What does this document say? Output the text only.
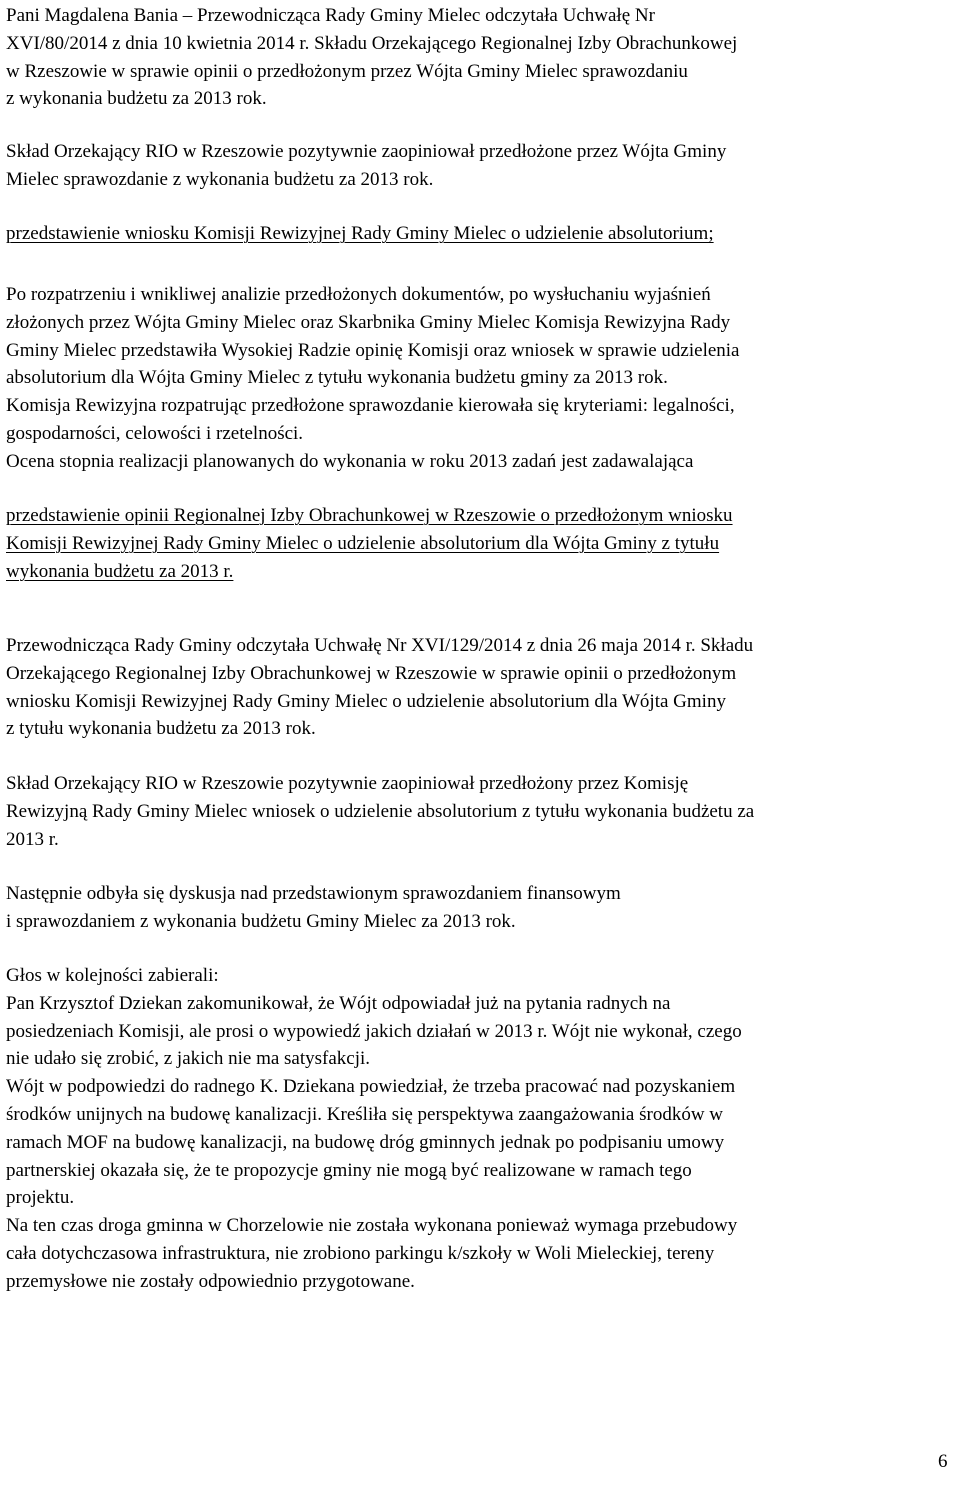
Pani Magdalena Bania – Przewodnicząca Rady Gminy Mielec odczytała Uchwałę Nr
XVI/80/2014 z dnia 10 kwietnia 2014 r. Składu Orzekającego Regionalnej Izby Obrachunkowej
w Rzeszowie w sprawie opinii o przedłożonym przez Wójta Gminy Mielec sprawozdaniu
z wykonania budżetu za 2013 rok.
Skład Orzekający RIO w Rzeszowie pozytywnie zaopiniował przedłożone przez Wójta Gminy
Mielec sprawozdanie z wykonania budżetu za 2013 rok.
przedstawienie wniosku Komisji Rewizyjnej Rady Gminy Mielec o udzielenie absolutorium;
Po rozpatrzeniu i wnikliwej analizie przedłożonych dokumentów, po wysłuchaniu wyjaśnień
złożonych przez Wójta Gminy Mielec oraz Skarbnika Gminy Mielec Komisja Rewizyjna Rady
Gminy Mielec przedstawiła Wysokiej Radzie opinię Komisji oraz wniosek w sprawie udzielenia
absolutorium dla Wójta Gminy Mielec z tytułu wykonania budżetu gminy za 2013 rok.
Komisja Rewizyjna rozpatrując przedłożone sprawozdanie kierowała się kryteriami: legalności,
gospodarności, celowości i rzetelności.
Ocena stopnia realizacji planowanych do wykonania w roku 2013 zadań jest zadawalająca
przedstawienie opinii Regionalnej Izby Obrachunkowej w Rzeszowie o przedłożonym wniosku
Komisji Rewizyjnej Rady Gminy Mielec o udzielenie absolutorium dla Wójta Gminy z tytułu
wykonania budżetu za 2013 r.
Przewodnicząca Rady Gminy odczytała Uchwałę Nr XVI/129/2014 z dnia 26 maja 2014 r. Składu
Orzekającego Regionalnej Izby Obrachunkowej w Rzeszowie w sprawie opinii o przedłożonym
wniosku Komisji Rewizyjnej Rady Gminy Mielec o udzielenie absolutorium dla Wójta Gminy
z tytułu wykonania budżetu za 2013 rok.
Skład Orzekający RIO w Rzeszowie pozytywnie zaopiniował przedłożony przez Komisję
Rewizyjną Rady Gminy Mielec wniosek o udzielenie absolutorium z tytułu wykonania budżetu za
2013 r.
Następnie odbyła się dyskusja nad przedstawionym sprawozdaniem finansowym
i sprawozdaniem z wykonania budżetu Gminy Mielec za 2013 rok.
Głos w kolejności zabierali:
Pan Krzysztof Dziekan zakomunikował, że Wójt odpowiadał już na pytania radnych na
posiedzeniach Komisji, ale prosi o wypowiedź jakich działań w 2013 r. Wójt nie wykonał, czego
nie udało się zrobić, z jakich nie ma satysfakcji.
Wójt w podpowiedzi do radnego K. Dziekana powiedział, że trzeba pracować nad pozyskaniem
środków unijnych na budowę kanalizacji. Kreśliła się perspektywa zaangażowania środków w
ramach MOF na budowę kanalizacji, na budowę dróg gminnych jednak po podpisaniu umowy
partnerskiej okazała się, że te propozycje gminy nie mogą być realizowane w ramach tego
projektu.
Na ten czas droga gminna w Chorzelowie nie została wykonana ponieważ wymaga przebudowy
cała dotychczasowa infrastruktura, nie zrobiono parkingu k/szkoły w Woli Mieleckiej, tereny
przemysłowe nie zostały odpowiednio przygotowane.
6
